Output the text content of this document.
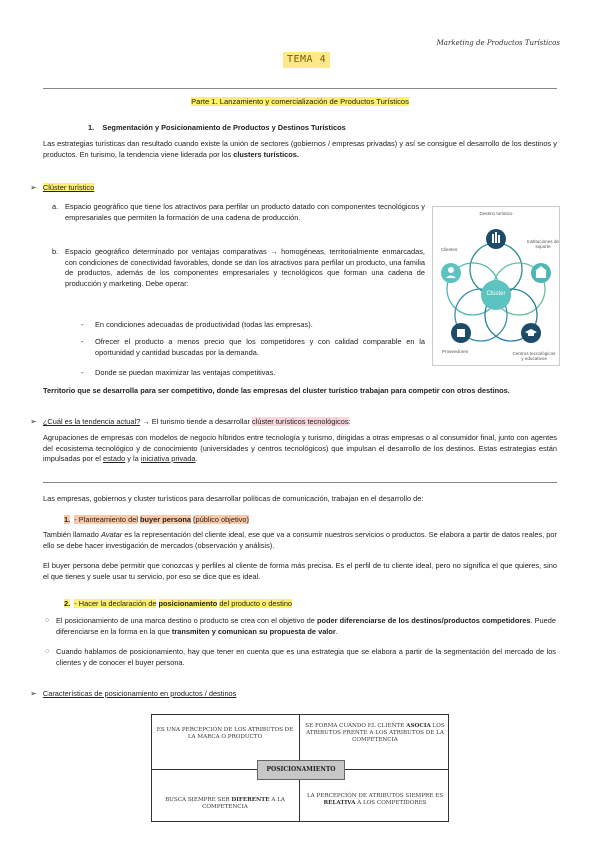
Marketing de Productos Turísticos
TEMA 4
Parte 1. Lanzamiento y comercialización de Productos Turísticos
1. Segmentación y Posicionamiento de Productos y Destinos Turísticos
Las estrategias turísticas dan resultado cuando existe la unión de sectores (gobiernos / empresas privadas) y así se consigue el desarrollo de los destinos y productos. En turismo, la tendencia viene liderada por los clusters turísticos.
➢ Clúster turístico
a. Espacio geográfico que tiene los atractivos para perfilar un producto datado con componentes tecnológicos y empresariales que permiten la formación de una cadena de producción.
b. Espacio geográfico determinado por ventajas comparativas → homogéneas, territorialmente enmarcadas, con condiciones de conectividad favorables, donde se dan los atractivos para perfilar un producto, una familia de productos, además de los componentes empresariales y tecnológicos que forman una cadena de producción y marketing. Debe operar:
- En condiciones adecuadas de productividad (todas las empresas).
- Ofrecer el producto a menos precio que los competidores y con calidad comparable en la oportunidad y cantidad buscadas por la demanda.
- Donde se puedan maximizar las ventajas competitivas.
Territorio que se desarrolla para ser competitivo, donde las empresas del cluster turístico trabajan para competir con otros destinos.
Destino turístico
Clientes
Instituciones de soporte
Proveedores	Centros tecnológicos y educativos
Clúster
➢ ¿Cuál es la tendencia actual? → El turismo tiende a desarrollar clúster turísticos tecnológicos:
Agrupaciones de empresas con modelos de negocio híbridos entre tecnología y turismo, dirigidas a otras empresas o al consumidor final, junto con agentes del ecosistema tecnológico y de conocimiento (universidades y centros tecnológicos) que impulsan el desarrollo de los destinos. Estas estrategias están impulsadas por el estado y la iniciativa privada.
Las empresas, gobiernos y cluster turísticos para desarrollar políticas de comunicación, trabajan en el desarrollo de:
1. - Planteamiento del buyer persona (público objetivo)
También llamado Avatar es la representación del cliente ideal, ese que va a consumir nuestros servicios o productos. Se elabora a partir de datos reales, por ello se debe hacer investigación de mercados (observación y análisis).
El buyer persona debe permitir que conozcas y perfiles al cliente de forma más precisa. Es el perfil de tu cliente ideal, pero no significa el que quieres, sino el que tienes y suele usar tu servicio, por eso se dice que es ideal.
2. - Hacer la declaración de posicionamiento del producto o destino
○ El posicionamiento de una marca destino o producto se crea con el objetivo de poder diferenciarse de los destinos/productos competidores. Puede diferenciarse en la forma en la que transmiten y comunican su propuesta de valor.
○ Cuando hablamos de posicionamiento, hay que tener en cuenta que es una estrategia que se elabora a partir de la segmentación del mercado de los clientes y de conocer el buyer persona.
➢ Características de posicionamiento en productos / destinos
ES UNA PERCEPCIÓN DE LOS ATRIBUTOS DE LA MARCA O PRODUCTO
SE FORMA CUANDO EL CLIENTE ASOCIA LOS ATRIBUTOS FRENTE A LOS ATRIBUTOS DE LA COMPETENCIA
BUSCA SIEMPRE SER DIFERENTE A LA COMPETENCIA
LA PERCEPCIÓN DE ATRIBUTOS SIEMPRE ES RELATIVA A LOS COMPETIDORES
POSICIONAMIENTO
